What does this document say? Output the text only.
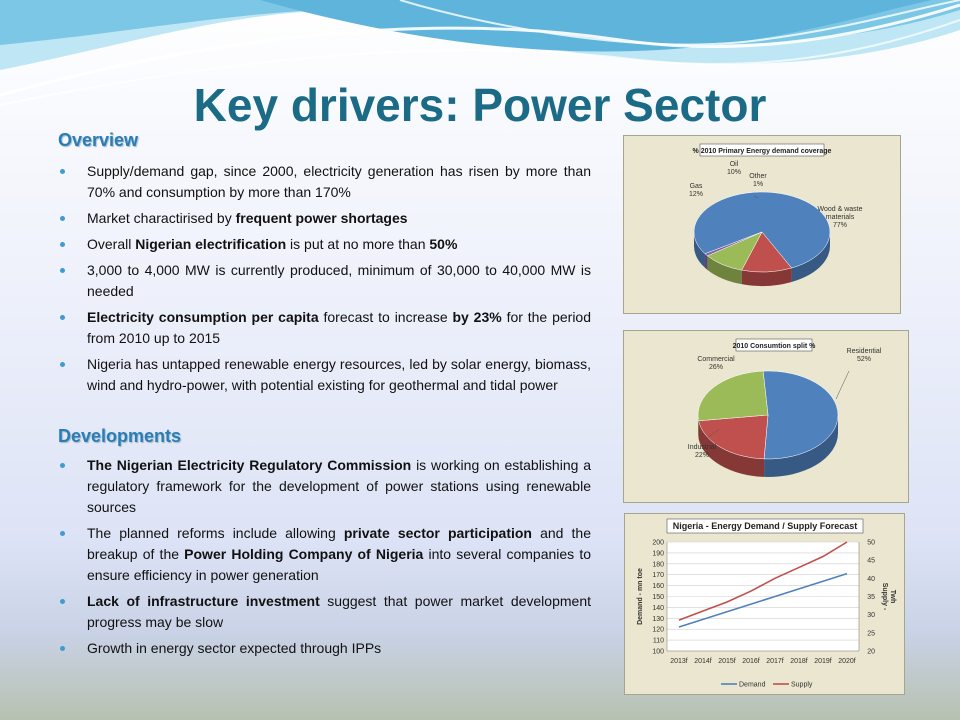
Key drivers: Power Sector
Overview
Supply/demand gap, since 2000, electricity generation has risen by more than 70% and consumption by more than 170%
Market charactirised by frequent power shortages
Overall Nigerian electrification is put at no more than 50%
3,000 to 4,000 MW is currently produced, minimum of 30,000 to 40,000 MW is needed
Electricity consumption per capita forecast to increase by 23% for the period from 2010 up to 2015
Nigeria has untapped renewable energy resources, led by solar energy, biomass, wind and hydro-power, with potential existing for geothermal and tidal power
Developments
The Nigerian Electricity Regulatory Commission is working on establishing a regulatory framework for the development of power stations using renewable sources
The planned reforms include allowing private sector participation and the breakup of the Power Holding Company of Nigeria into several companies to ensure efficiency in power generation
Lack of infrastructure investment suggest that power market development progress may be slow
Growth in energy sector expected through IPPs
% 2010 Primary Energy demand coverage
Wood & waste
materials
77%
Gas
12%
Oil
10%
Other
1%
2010 Consumtion split %
Residential
52%
Industrial
22%
Commercial
26%
Nigeria - Energy Demand / Supply Forecast
100
110
120
130
140
150
160
170
180
190
200
20
25
30
35
40
45
50
2013f 2014f 2015f 2016f 2017f 2018f 2019f 2020f
Demand - mn toe	Supply - Twh
Demand	Supply
